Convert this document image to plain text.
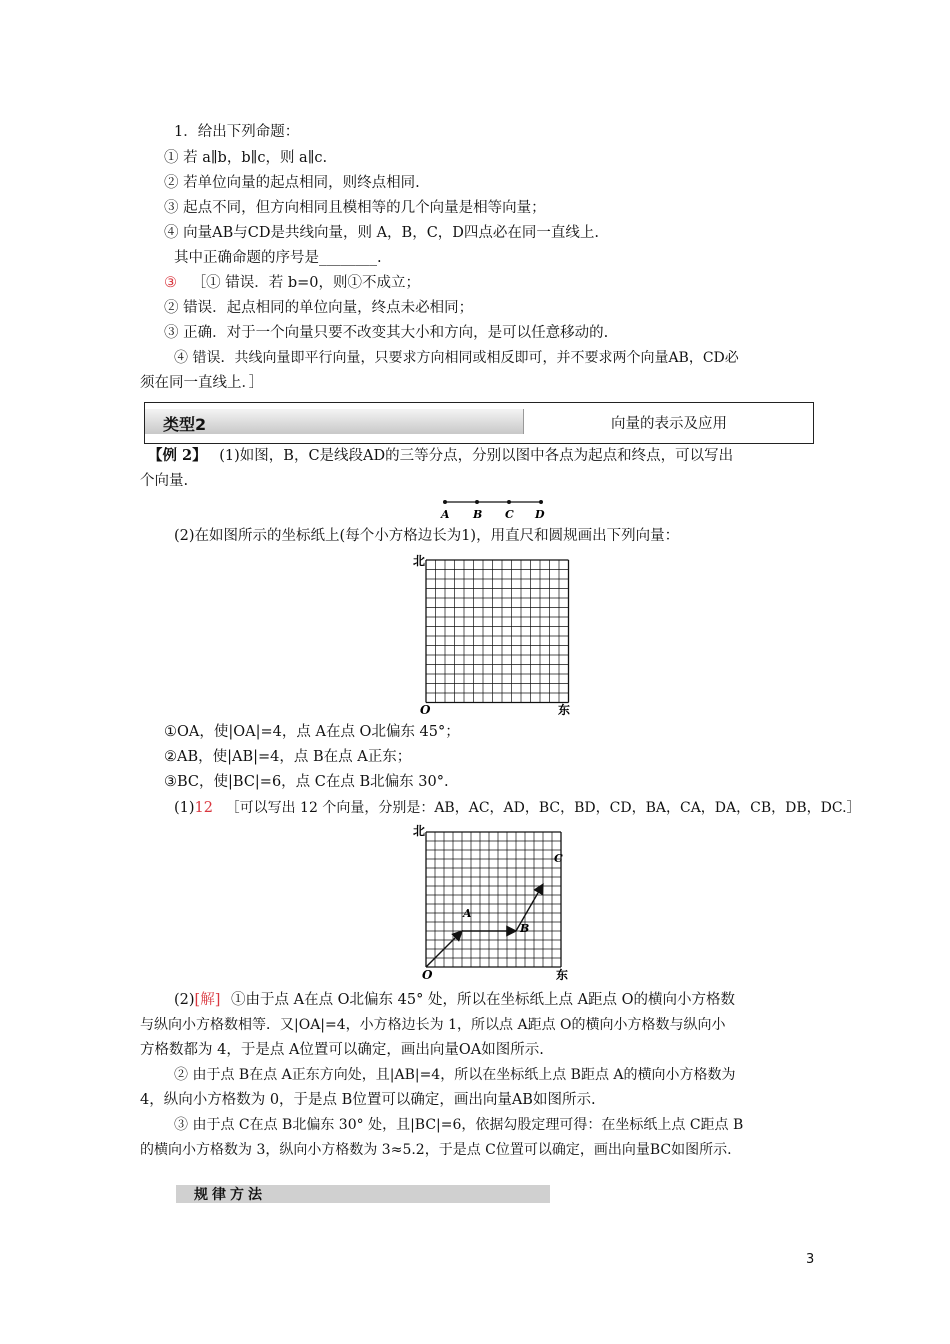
1．给出下列命题：
① 若 a∥b，b∥c，则 a∥c.
② 若单位向量的起点相同，则终点相同.
③ 起点不同，但方向相同且模相等的几个向量是相等向量；
④ 向量AB与CD是共线向量，则 A，B，C，D四点必在同一直线上.
其中正确命题的序号是________.
③ ［① 错误．若 b=0，则①不成立；
② 错误．起点相同的单位向量，终点未必相同；
③ 正确．对于一个向量只要不改变其大小和方向，是可以任意移动的.
④ 错误．共线向量即平行向量，只要求方向相同或相反即可，并不要求两个向量AB，CD必
须在同一直线上．］
类型2	向量的表示及应用
【例 2】 (1)如图，B，C是线段AD的三等分点，分别以图中各点为起点和终点，可以写出
个向量.
A B C D
(2)在如图所示的坐标纸上(每个小方格边长为1)，用直尺和圆规画出下列向量：
北
O	东
①OA，使|OA|=4，点 A在点 O北偏东 45°；
②AB，使|AB|=4，点 B在点 A正东；
③BC，使|BC|=6，点 C在点 B北偏东 30°.
(1)12 ［可以写出 12 个向量，分别是：AB，AC，AD，BC，BD，CD，BA，CA，DA，CB，DB，DC.］
北
O	东
A
B
C
(2)[解] ①由于点 A在点 O北偏东 45° 处，所以在坐标纸上点 A距点 O的横向小方格数
与纵向小方格数相等．又|OA|=4，小方格边长为 1，所以点 A距点 O的横向小方格数与纵向小
方格数都为 4，于是点 A位置可以确定，画出向量OA如图所示.
② 由于点 B在点 A正东方向处，且|AB|=4，所以在坐标纸上点 B距点 A的横向小方格数为
4，纵向小方格数为 0，于是点 B位置可以确定，画出向量AB如图所示.
③ 由于点 C在点 B北偏东 30° 处，且|BC|=6，依据勾股定理可得：在坐标纸上点 C距点 B
的横向小方格数为 3，纵向小方格数为 3≈5.2，于是点 C位置可以确定，画出向量BC如图所示.
规律方法
3
